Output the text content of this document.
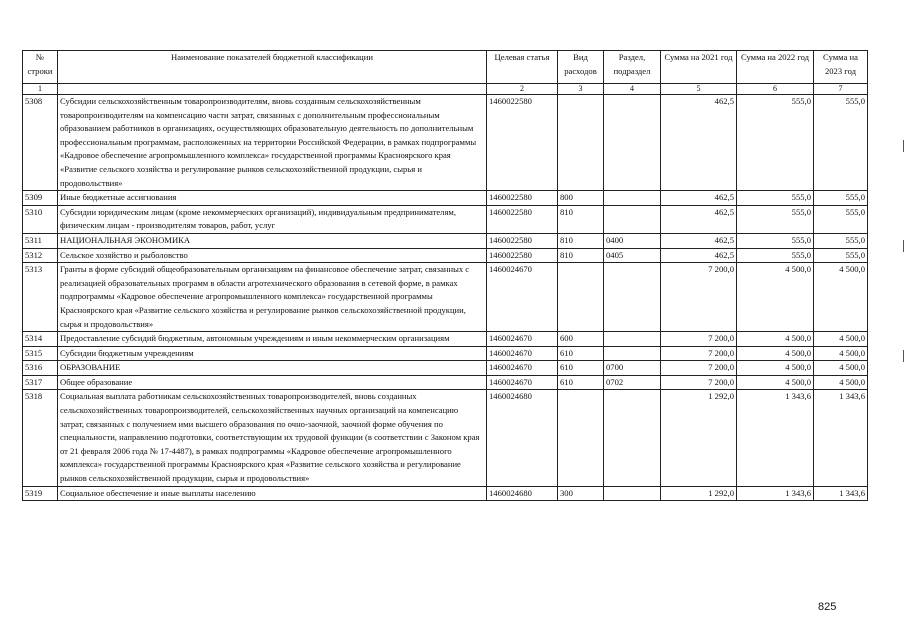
№ строки	Наименование показателей бюджетной классификации	Целевая статья	Вид расходов	Раздел, подраздел	Сумма на 2021 год	Сумма на 2022 год	Сумма на 2023 год
1		2	3	4	5	6	7
5308	Субсидии сельскохозяйственным товаропроизводителям, вновь созданным сельскохозяйственным товаропроизводителям на компенсацию части затрат, связанных с дополнительным профессиональным образованием работников в организациях, осуществляющих образовательную деятельность по дополнительным профессиональным программам, расположенных на территории Российской Федерации, в рамках подпрограммы «Кадровое обеспечение агропромышленного комплекса» государственной программы Красноярского края «Развитие сельского хозяйства и регулирование рынков сельскохозяйственной продукции, сырья и продовольствия»	1460022580			462,5	555,0	555,0
5309	Иные бюджетные ассигнования	1460022580	800		462,5	555,0	555,0
5310	Субсидии юридическим лицам (кроме некоммерческих организаций), индивидуальным предпринимателям, физическим лицам - производителям товаров, работ, услуг	1460022580	810		462,5	555,0	555,0
5311	НАЦИОНАЛЬНАЯ ЭКОНОМИКА	1460022580	810	0400	462,5	555,0	555,0
5312	Сельское хозяйство и рыболовство	1460022580	810	0405	462,5	555,0	555,0
5313	Гранты в форме субсидий общеобразовательным организациям на финансовое обеспечение затрат, связанных с реализацией образовательных программ в области агротехнического образования в сетевой форме, в рамках подпрограммы «Кадровое обеспечение агропромышленного комплекса» государственной программы Красноярского края «Развитие сельского хозяйства и регулирование рынков сельскохозяйственной продукции, сырья и продовольствия»	1460024670			7 200,0	4 500,0	4 500,0
5314	Предоставление субсидий бюджетным, автономным учреждениям и иным некоммерческим организациям	1460024670	600		7 200,0	4 500,0	4 500,0
5315	Субсидии бюджетным учреждениям	1460024670	610		7 200,0	4 500,0	4 500,0
5316	ОБРАЗОВАНИЕ	1460024670	610	0700	7 200,0	4 500,0	4 500,0
5317	Общее образование	1460024670	610	0702	7 200,0	4 500,0	4 500,0
5318	Социальная выплата работникам сельскохозяйственных товаропроизводителей, вновь созданных сельскохозяйственных товаропроизводителей, сельскохозяйственных научных организаций на компенсацию затрат, связанных с получением ими высшего образования по очно-заочной, заочной форме обучения по специальности, направлению подготовки, соответствующим их трудовой функции (в соответствии с Законом края от 21 февраля 2006 года № 17-4487), в рамках подпрограммы «Кадровое обеспечение агропромышленного комплекса» государственной программы Красноярского края «Развитие сельского хозяйства и регулирование рынков сельскохозяйственной продукции, сырья и продовольствия»	1460024680			1 292,0	1 343,6	1 343,6
5319	Социальное обеспечение и иные выплаты населению	1460024680	300		1 292,0	1 343,6	1 343,6
825
